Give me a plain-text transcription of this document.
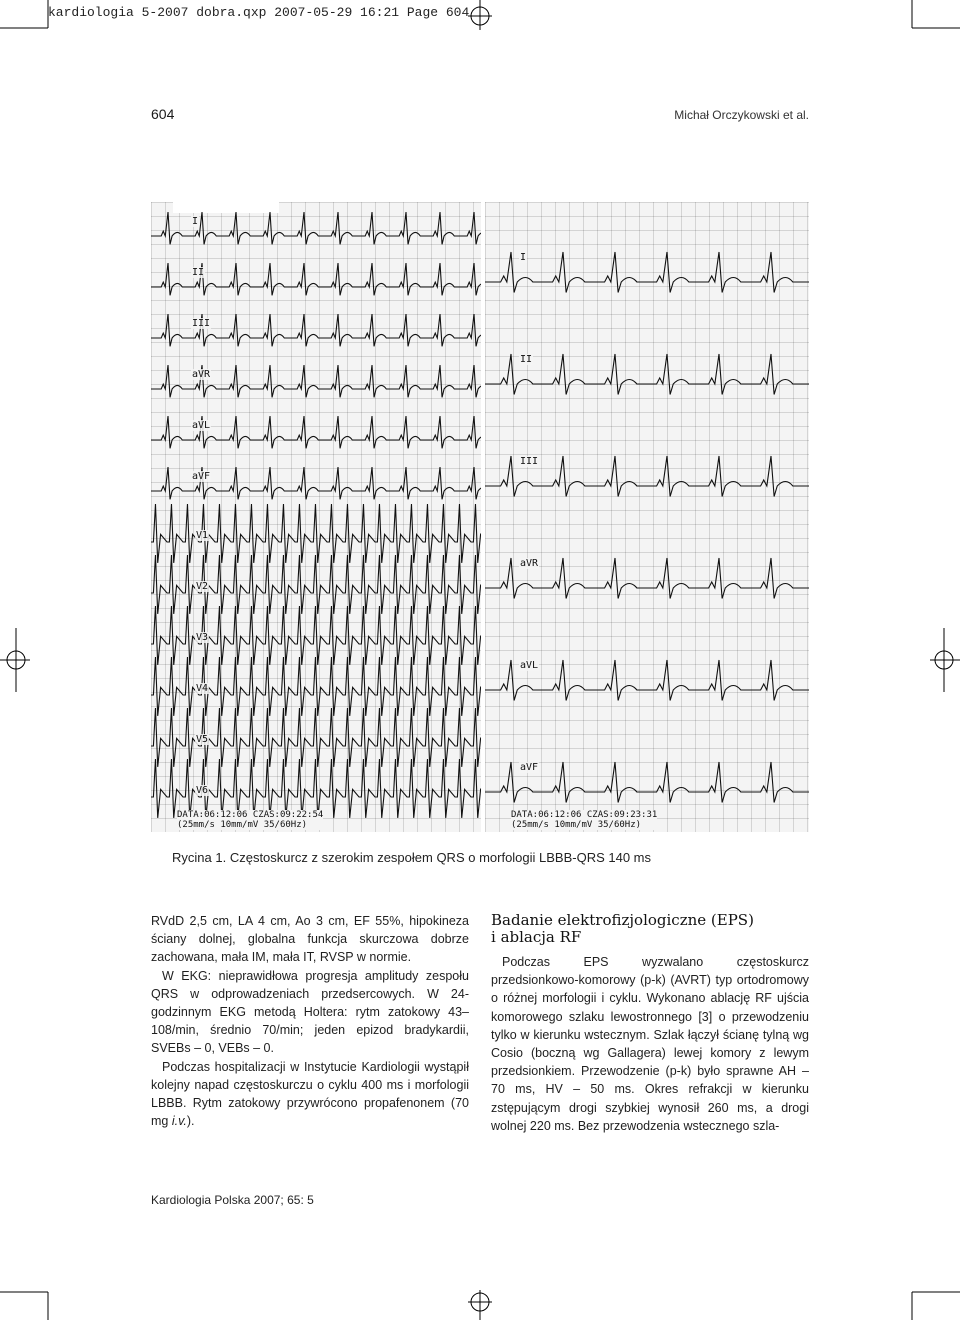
kardiologia 5-2007 dobra.qxp 2007-05-29 16:21 Page 604
604	Michał Orczykowski et al.
I
II
III
aVR
aVL
aVF
V1
V2
V3
V4
V5
V6
DATA:06:12:06 CZAS:09:22:54
(25mm/s 10mm/mV 35/60Hz)
I
II
III
aVR
aVL
aVF
DATA:06:12:06 CZAS:09:23:31
(25mm/s 10mm/mV 35/60Hz)
Rycina 1. Częstoskurcz z szerokim zespołem QRS o morfologii LBBB-QRS 140 ms

RVdD 2,5 cm, LA 4 cm, Ao 3 cm, EF 55%, hipokineza ściany dolnej, globalna funkcja skurczowa dobrze zachowana, mała IM, mała IT, RVSP w normie.

W EKG: nieprawidłowa progresja amplitudy zespołu QRS w odprowadzeniach przedsercowych. W 24-godzinnym EKG metodą Holtera: rytm zatokowy 43–108/min, średnio 70/min; jeden epizod bradykardii, SVEBs – 0, VEBs – 0.

Podczas hospitalizacji w Instytucie Kardiologii wystąpił kolejny napad częstoskurczu o cyklu 400 ms i morfologii LBBB. Rytm zatokowy przywrócono propafenonem (70 mg i.v.).

Badanie elektrofizjologiczne (EPS)
i ablacja RF

Podczas EPS wyzwalano częstoskurcz przedsionkowo-komorowy (p-k) (AVRT) typ ortodromowy o różnej morfologii i cyklu. Wykonano ablację RF ujścia komorowego szlaku lewostronnego [3] o przewodzeniu tylko w kierunku wstecznym. Szlak łączył ścianę tylną wg Cosio (boczną wg Gallagera) lewej komory z lewym przedsionkiem. Przewodzenie (p-k) było sprawne AH – 70 ms, HV – 50 ms. Okres refrakcji w kierunku zstępującym drogi szybkiej wynosił 260 ms, a drogi wolnej 220 ms. Bez przewodzenia wstecznego szla-

Kardiologia Polska 2007; 65: 5
